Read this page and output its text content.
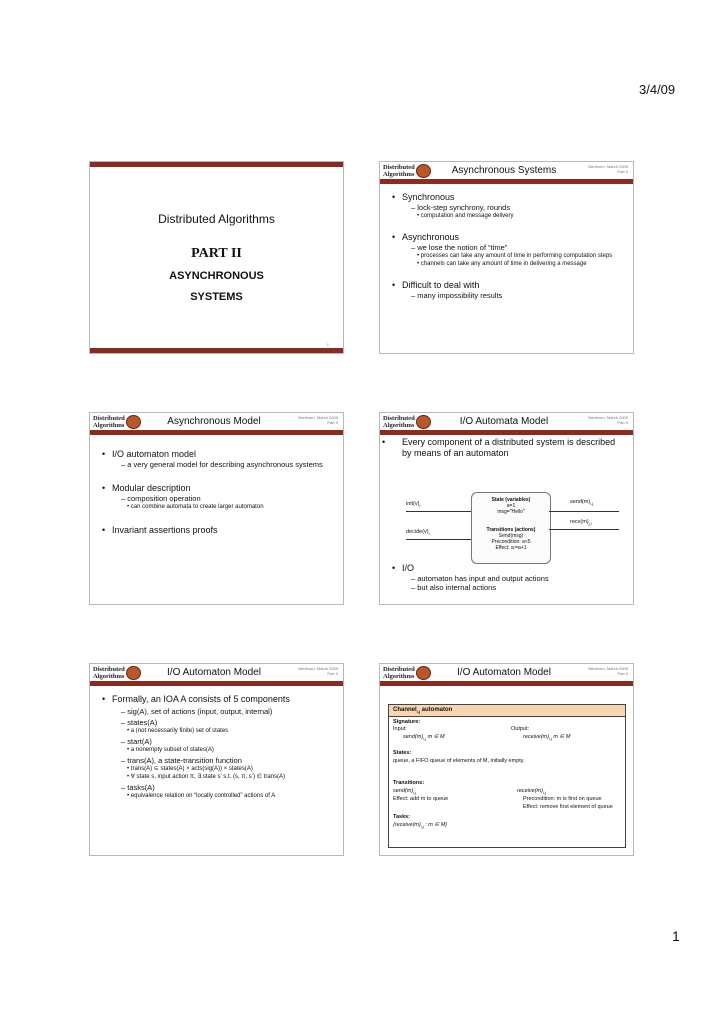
3/4/09
Distributed Algorithms
PART II
ASYNCHRONOUS
SYSTEMS
1
Distributed
Algorithms	Asynchronous Systems	Bertinoro, March 2009
Part II
• Synchronous
– lock-step synchrony, rounds
• computation and message delivery
• Asynchronous
– we lose the notion of “time”
• processes can take any amount of time in performing computation steps
• channels can take any amount of time in delivering a message
• Difficult to deal with
– many impossibility results
Distributed
Algorithms	Asynchronous Model	Bertinoro, March 2009
Part II
• I/O automaton model
– a very general model for describing asynchronous systems
• Modular description
– composition operation
• can combine automata to create larger automaton
• Invariant assertions proofs
Distributed
Algorithms	I/O Automata Model	Bertinoro, March 2009
Part II
• Every component of a distributed system is described by means of an automaton
State (variables)
a=1
msg="Hello"
Transitions (actions)
Send(msg)
Precondition: a<5
Effect: a:=a+1
$init(v)_i$
$send(m)_{i,j}$
$recv(m)_{j,i}$
$decide(v)_i$
• I/O
– automaton has input and output actions
– but also internal actions
Distributed
Algorithms	I/O Automaton Model	Bertinoro, March 2009
Part II
• Formally, an IOA A consists of 5 components
– sig(A), set of actions (input, output, internal)
– states(A)
• a (not necessarily finite) set of states
– start(A)
• a nonempty subset of states(A)
– trans(A), a state-transition function
• trans(A) ⊆ states(A) × acts(sig(A)) × states(A)
• ∀ state s, input action π, ∃ state s’ s.t. (s, π, s’) ∈ trans(A)
– tasks(A)
• equivalence relation on “locally controlled” actions of A
Distributed
Algorithms	I/O Automaton Model	Bertinoro, March 2009
Part II
Channel$_{i,j}$ automaton
Signature:
Input:	Output:
$send(m)_{i,j}$ m ∈ M	$receive(m)_{i,j}$ m ∈ M
States:
queue, a FIFO queue of elements of M, initially empty.
Transitions:
$send(m)_{i,j}$
Effect: add m to queue
$receive(m)_{i,j}$
Precondition: m is first on queue
Effect: remove first element of queue
Tasks:
{$receive(m)_{i,j}$ : m ∈ M}
1
